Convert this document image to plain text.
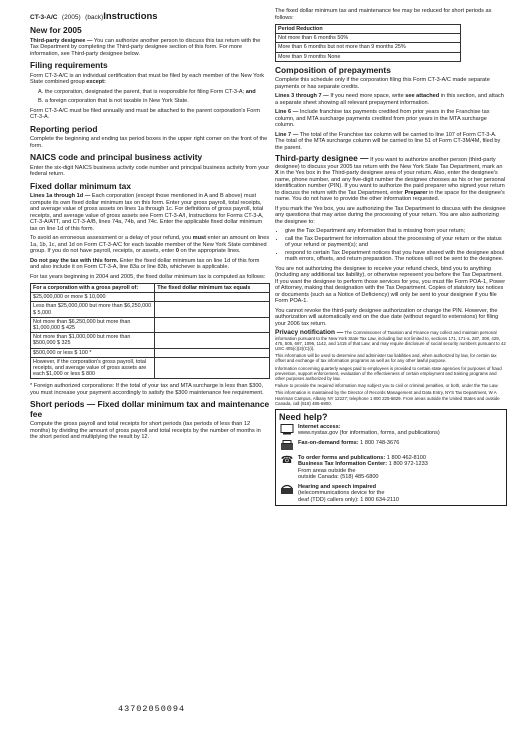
CT-3-A/C (2005) (back)Instructions
New for 2005

Third-party designee — You can authorize another person to discuss this tax return with the Tax Department by completing the Third-party designee section of this form. For more information, see Third-party designee below.

Filing requirements

Form CT-3-A/C is an individual certification that must be filed by each member of the New York State combined group except:

A. the corporation, designated the parent, that is responsible for filing Form CT-3-A; and

B. a foreign corporation that is not taxable in New York State.

Form CT-3-A/C must be filed annually and must be attached to the parent corporation's Form CT-3-A.

Reporting period

Complete the beginning and ending tax period boxes in the upper right corner on the front of the form.

NAICS code and principal business activity

Enter the six-digit NAICS business activity code number and principal business activity from your federal return.

Fixed dollar minimum tax

Lines 1a through 1d — Each corporation (except those mentioned in A and B above) must compute its own fixed dollar minimum tax on this form. Enter your gross payroll, total receipts, and average value of gross assets on lines 1a through 1c. For definitions of gross payroll, total receipts, and average value of gross assets see Form CT-3-A/I, Instructions for Forms CT-3-A, CT-3-A/ATT, and CT-3-A/B, lines 74a, 74b, and 74c. Enter the applicable fixed dollar minimum tax on line 1d of this form.

To avoid an erroneous assessment or a delay of your refund, you must enter an amount on lines 1a, 1b, 1c, and 1d on Form CT-3-A/C for each taxable member of the New York State combined group. If you do not have payroll, receipts, or assets, enter 0 on the appropriate lines.

Do not pay the tax with this form. Enter the fixed dollar minimum tax on line 1d of this form and also include it on Form CT-3-A, line 83a or line 83b, whichever is applicable.

For tax years beginning in 2004 and 2005, the fixed dollar minimum tax is computed as follows:

For a corporation with a gross payroll of:	The fixed dollar minimum tax equals
$25,000,000 or more $ 10,000	
Less than $25,000,000 but more than $6,250,000 $ 5,000	
Not more than $6,250,000 but more than $1,000,000 $ 425	
Not more than $1,000,000 but more than $500,000 $ 325	
$500,000 or less $ 100 *	
However, if the corporation's gross payroll, total receipts, and average value of gross assets are each $1,000 or less $ 800	

* Foreign authorized corporations: If the total of your tax and MTA surcharge is less than $300, you must increase your payment accordingly to satisfy the $300 maintenance fee requirement.

Short periods — Fixed dollar minimum tax and maintenance fee

Compute the gross payroll and total receipts for short periods (tax periods of less than 12 months) by dividing the amount of gross payroll and total receipts by the number of months in the short period and multiplying the result by 12.

43702050094

The fixed dollar minimum tax and maintenance fee may be reduced for short periods as follows:

Period Reduction
Not more than 6 months 50%
More than 6 months but not more than 9 months 25%
More than 9 months None
Composition of prepayments

Complete this schedule only if the corporation filing this Form CT-3-A/C made separate payments or has separate credits.

Lines 3 through 7 — If you need more space, write see attached in this section, and attach a separate sheet showing all relevant prepayment information.

Line 6 — Include franchise tax payments credited from prior years in the Franchise tax column, and MTA surcharge payments credited from prior years in the MTA surcharge column.

Line 7 — The total of the Franchise tax column will be carried to line 107 of Form CT-3-A. The total of the MTA surcharge column will be carried to line 51 of Form CT-3M/4M, filed by the parent.

Third-party designee — If you want to authorize another person (third-party designee) to discuss your 2005 tax return with the New York State Tax Department, mark an X in the Yes box in the Third-party designee area of your return. Also, enter the designee's name, phone number, and any five-digit number the designee chooses as his or her personal identification number (PIN). If you want to authorize the paid preparer who signed your return to discuss the return with the Tax Department, enter Preparer in the space for the designee's name. You do not have to provide the other information requested.

If you mark the Yes box, you are authorizing the Tax Department to discuss with the designee any questions that may arise during the processing of your return. You are also authorizing the designee to:

• give the Tax Department any information that is missing from your return;
• call the Tax Department for information about the processing of your return or the status of your refund or payment(s); and
• respond to certain Tax Department notices that you have shared with the designee about math errors, offsets, and return preparation. The notices will not be sent to the designee.

You are not authorizing the designee to receive your refund check, bind you to anything (including any additional tax liability), or otherwise represent you before the Tax Department. If you want the designee to perform those services for you, you must file Form POA-1, Power of Attorney, making that designation with the Tax Department. Copies of statutory tax notices or documents (such as a Notice of Deficiency) will only be sent to your designee if you file Form POA-1.

You cannot revoke the third-party designee authorization or change the PIN. However, the authorization will automatically end on the due date (without regard to extensions) for filing your 2006 tax return.

Privacy notification — The Commissioner of Taxation and Finance may collect and maintain personal information pursuant to the New York State Tax Law, including but not limited to, sections 171, 171-a, 287, 308, 429, 475, 505, 697, 1096, 1142, and 1415 of that Law; and may require disclosure of social security numbers pursuant to 42 USC 405(c)(2)(C)(i).

This information will be used to determine and administer tax liabilities and, when authorized by law, for certain tax offset and exchange of tax information programs as well as for any other lawful purpose.

Information concerning quarterly wages paid to employees is provided to certain state agencies for purposes of fraud prevention, support enforcement, evaluation of the effectiveness of certain employment and training programs and other purposes authorized by law.

Failure to provide the required information may subject you to civil or criminal penalties, or both, under the Tax Law.

This information is maintained by the Director of Records Management and Data Entry, NYS Tax Department, W A Harriman Campus, Albany NY 12227; telephone 1 800 225-5829. From areas outside the United States and outside Canada, call (518) 485-6800.

Need help?
Internet access:
www.nystax.gov (for information, forms, and publications)
Fax-on-demand forms: 1 800 748-3676
☎ To order forms and publications: 1 800 462-8100
Business Tax Information Center: 1 800 972-1233
From areas outside the
outside Canada: (518) 485-6800
Hearing and speech impaired
(telecommunications device for the
deaf (TDD) callers only): 1 800 634-2110
